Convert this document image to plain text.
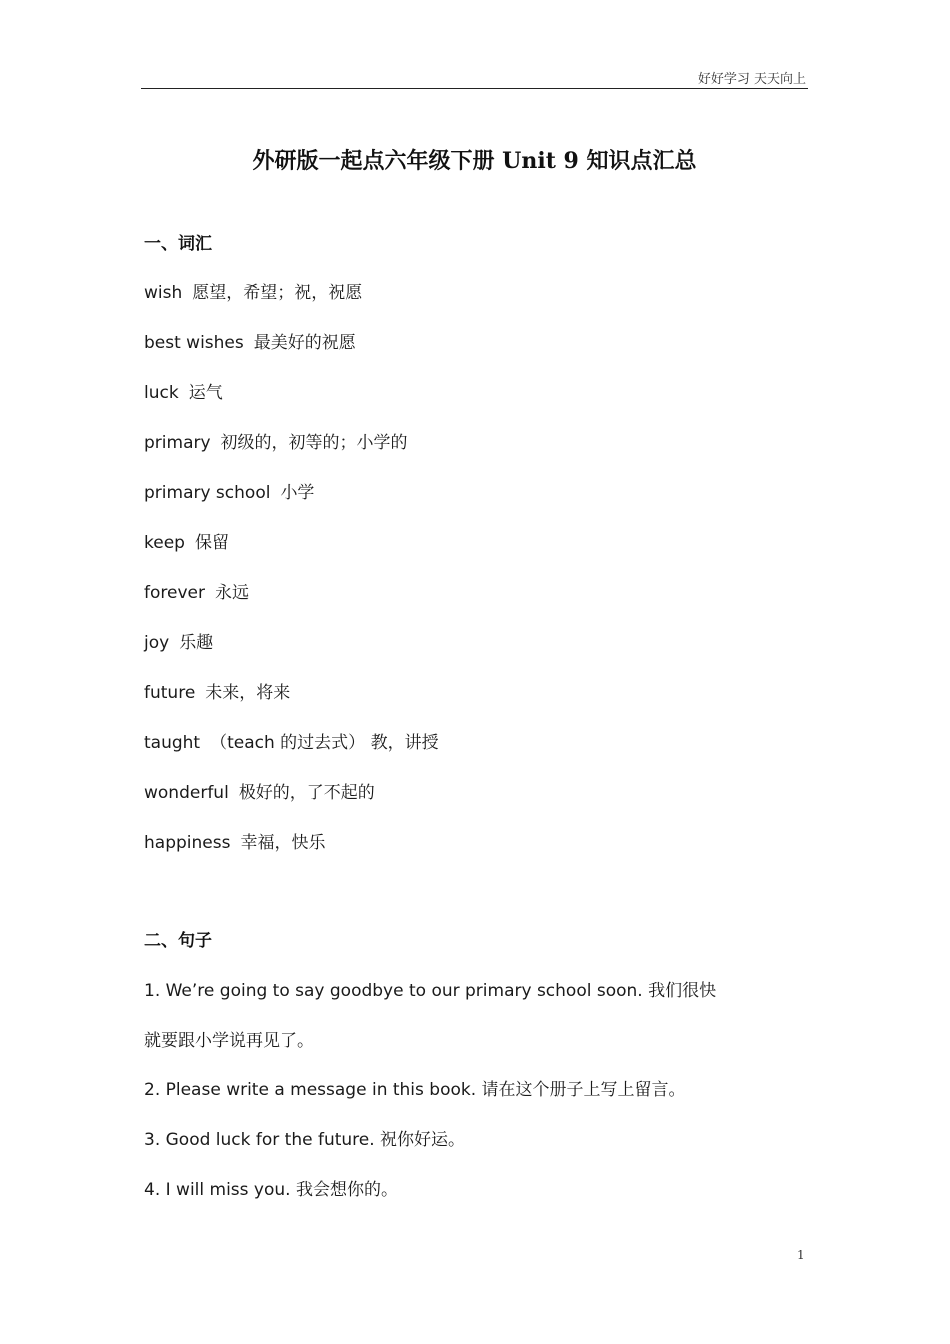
好好学习 天天向上
外研版一起点六年级下册 Unit 9 知识点汇总
一、词汇
wish 愿望，希望；祝，祝愿
best wishes 最美好的祝愿
luck 运气
primary 初级的，初等的；小学的
primary school 小学
keep 保留
forever 永远
joy 乐趣
future 未来，将来
taught （teach 的过去式） 教，讲授
wonderful 极好的，了不起的
happiness 幸福，快乐
二、句子
1. We’re going to say goodbye to our primary school soon. 我们很快
就要跟小学说再见了。
2. Please write a message in this book. 请在这个册子上写上留言。
3. Good luck for the future. 祝你好运。
4. I will miss you. 我会想你的。
1
